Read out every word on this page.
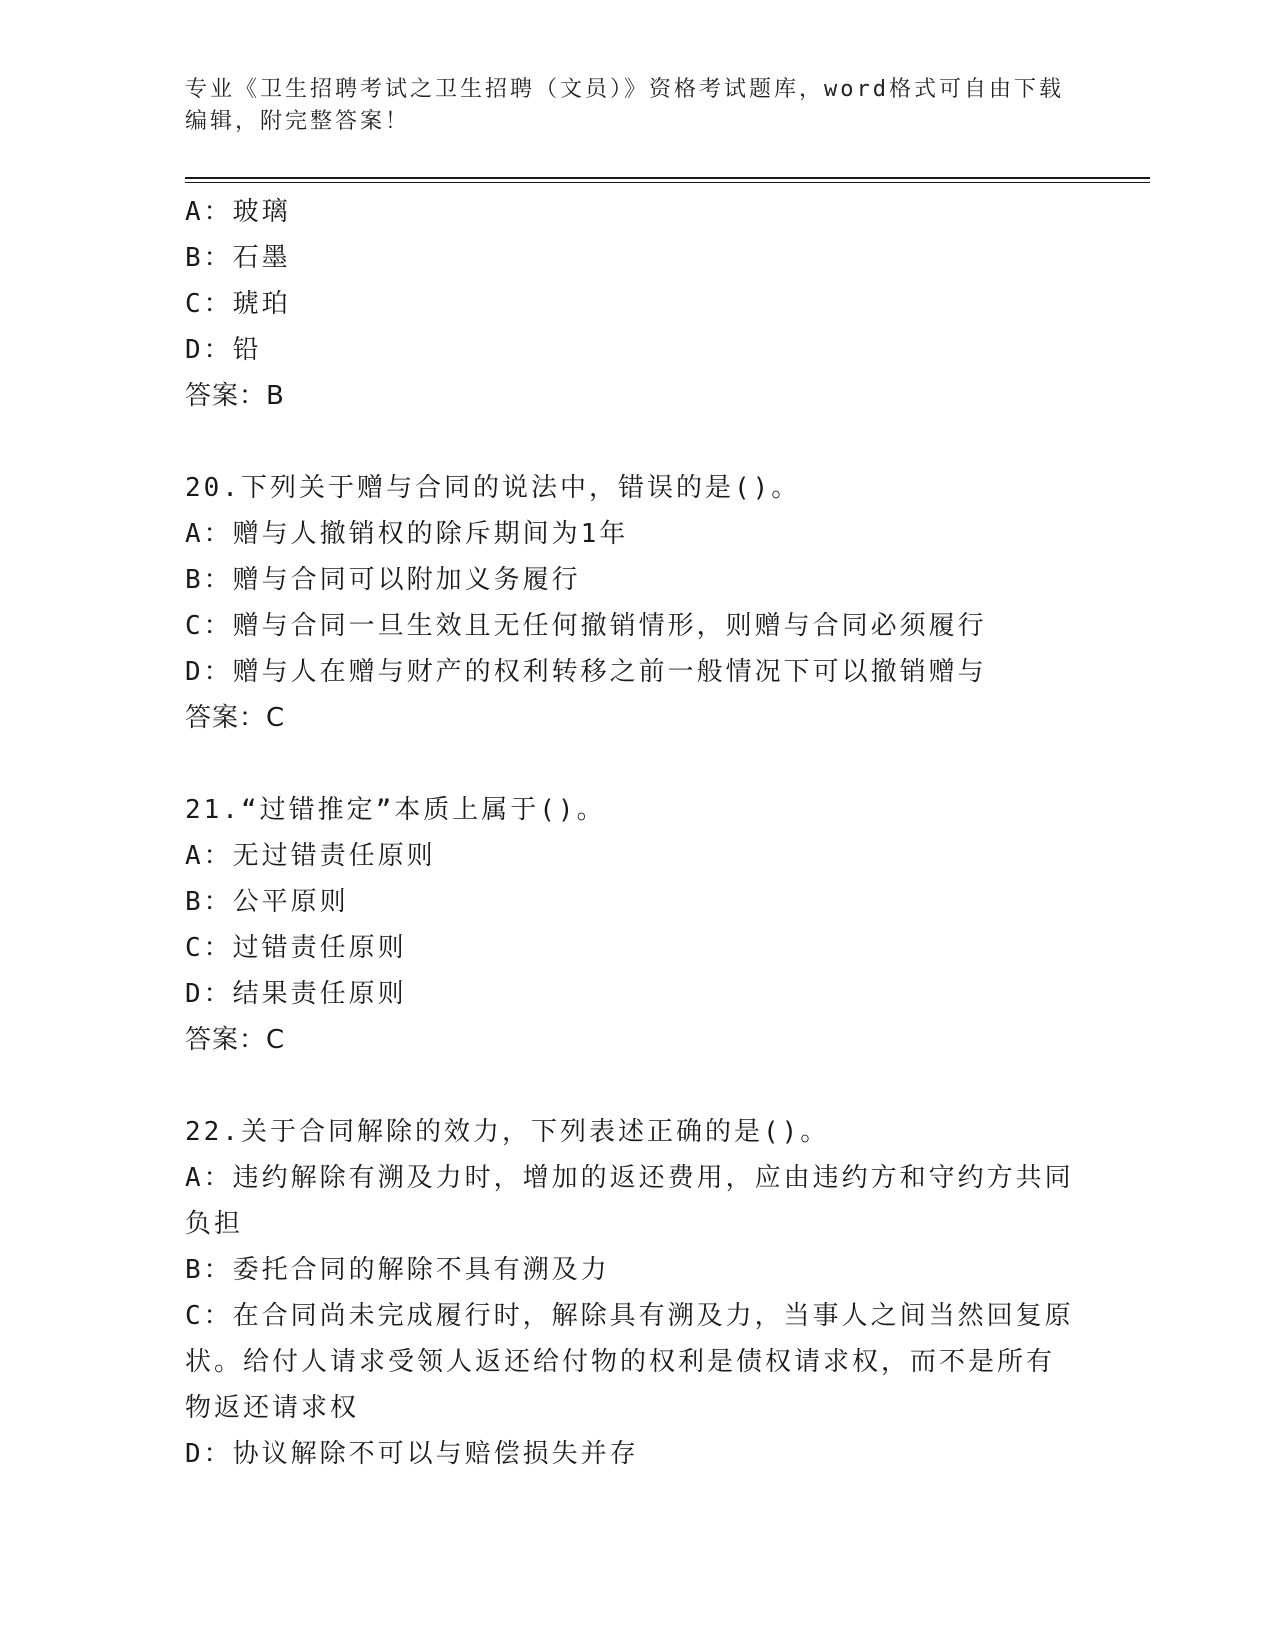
专业《卫生招聘考试之卫生招聘（文员）》资格考试题库，word格式可自由下载
编辑，附完整答案！
A：玻璃
B：石墨
C：琥珀
D：铅
答案：B
20.下列关于赠与合同的说法中，错误的是()。
A：赠与人撤销权的除斥期间为1年
B：赠与合同可以附加义务履行
C：赠与合同一旦生效且无任何撤销情形，则赠与合同必须履行
D：赠与人在赠与财产的权利转移之前一般情况下可以撤销赠与
答案：C
21.“过错推定”本质上属于()。
A：无过错责任原则
B：公平原则
C：过错责任原则
D：结果责任原则
答案：C
22.关于合同解除的效力，下列表述正确的是()。
A：违约解除有溯及力时，增加的返还费用，应由违约方和守约方共同
负担
B：委托合同的解除不具有溯及力
C：在合同尚未完成履行时，解除具有溯及力，当事人之间当然回复原
状。给付人请求受领人返还给付物的权利是债权请求权，而不是所有
物返还请求权
D：协议解除不可以与赔偿损失并存
